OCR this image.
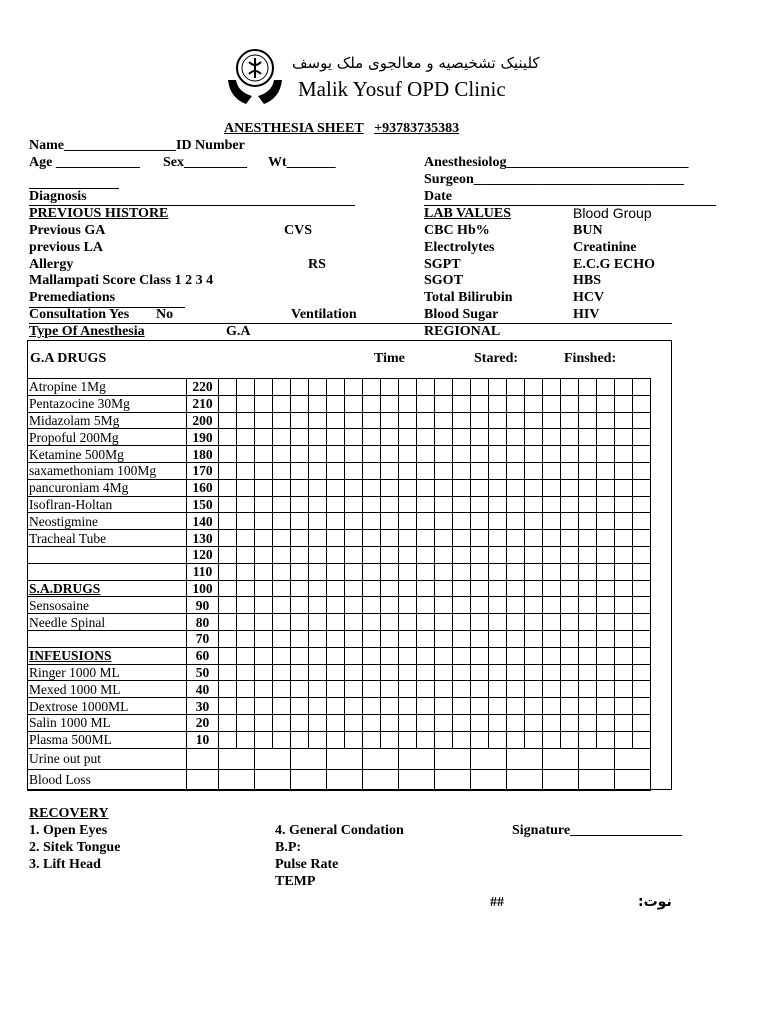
کلینیک تشخیصیه و معالجوی ملک یوسف
Malik Yosuf OPD Clinic
ANESTHESIA SHEET +93783735383
Name________________ID Number
Age ____________ Sex_________ Wt_______	Anesthesiolog__________________________
Surgeon______________________________
Diagnosis	Date
PREVIOUS HISTORE
Previous GA	CVS
previous LA
Allergy	RS
Mallampati Score Class 1 2 3 4
Premediations
Consultation Yes No	Ventilation
Type Of Anesthesia	G.A
LAB VALUES	Blood Group
CBC Hb%	BUN
Electrolytes	Creatinine
SGPT	E.C.G ECHO
SGOT	HBS
Total Bilirubin	HCV
Blood Sugar	HIV
REGIONAL
G.A DRUGS	Time	Stared:	Finshed:
Atropine 1Mg	220																								
Pentazocine 30Mg	210																								
Midazolam 5Mg	200																								
Propoful 200Mg	190																								
Ketamine 500Mg	180																								
saxamethoniam 100Mg	170																								
pancuroniam 4Mg	160																								
Isoflran-Holtan	150																								
Neostigmine	140																								
Tracheal Tube	130																								
	120																								
	110																								
S.A.DRUGS	100																								
Sensosaine	90																								
Needle Spinal	80																								
	70																								
INFEUSIONS	60																								
Ringer 1000 ML	50																								
Mexed 1000 ML	40																								
Dextrose 1000ML	30																								
Salin 1000 ML	20																								
Plasma 500ML	10																								
Urine out put																									
Blood Loss																									
RECOVERY
1. Open Eyes
2. Sitek Tongue
3. Lift Head
4. General Condation
B.P:
Pulse Rate
TEMP
Signature________________
##	:نوت
